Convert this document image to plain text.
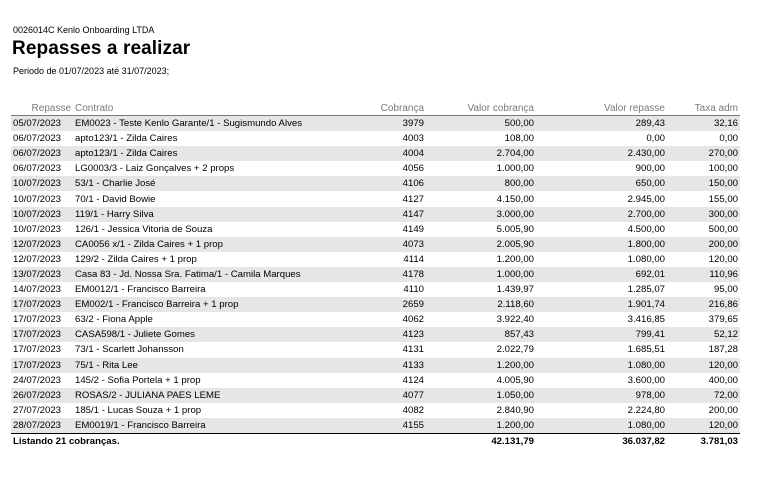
0026014C Kenlo Onboarding LTDA
Repasses a realizar
Periodo de 01/07/2023 até 31/07/2023;
Repasse	Contrato	Cobrança	Valor cobrança	Valor repasse	Taxa adm
05/07/2023	EM0023 - Teste Kenlo Garante/1 - Sugismundo Alves	3979	500,00	289,43	32,16
06/07/2023	apto123/1 - Zilda Caires	4003	108,00	0,00	0,00
06/07/2023	apto123/1 - Zilda Caires	4004	2.704,00	2.430,00	270,00
06/07/2023	LG0003/3 - Laiz Gonçalves + 2 props	4056	1.000,00	900,00	100,00
10/07/2023	53/1 - Charlie José	4106	800,00	650,00	150,00
10/07/2023	70/1 - David Bowie	4127	4.150,00	2.945,00	155,00
10/07/2023	119/1 - Harry Silva	4147	3.000,00	2.700,00	300,00
10/07/2023	126/1 - Jessica Vitoria de Souza	4149	5.005,90	4.500,00	500,00
12/07/2023	CA0056 x/1 - Zilda Caires + 1 prop	4073	2.005,90	1.800,00	200,00
12/07/2023	129/2 - Zilda Caires + 1 prop	4114	1.200,00	1.080,00	120,00
13/07/2023	Casa 83 - Jd. Nossa Sra. Fatima/1 - Camila Marques	4178	1.000,00	692,01	110,96
14/07/2023	EM0012/1 - Francisco Barreira	4110	1.439,97	1.285,07	95,00
17/07/2023	EM002/1 - Francisco Barreira + 1 prop	2659	2.118,60	1.901,74	216,86
17/07/2023	63/2 - Fiona Apple	4062	3.922,40	3.416,85	379,65
17/07/2023	CASA598/1 - Juliete Gomes	4123	857,43	799,41	52,12
17/07/2023	73/1 - Scarlett Johansson	4131	2.022,79	1.685,51	187,28
17/07/2023	75/1 - Rita Lee	4133	1.200,00	1.080,00	120,00
24/07/2023	145/2 - Sofia Portela + 1 prop	4124	4.005,90	3.600,00	400,00
26/07/2023	ROSAS/2 - JULIANA PAES LEME	4077	1.050,00	978,00	72,00
27/07/2023	185/1 - Lucas Souza + 1 prop	4082	2.840,90	2.224,80	200,00
28/07/2023	EM0019/1 - Francisco Barreira	4155	1.200,00	1.080,00	120,00
Listando 21 cobranças.			42.131,79	36.037,82	3.781,03
